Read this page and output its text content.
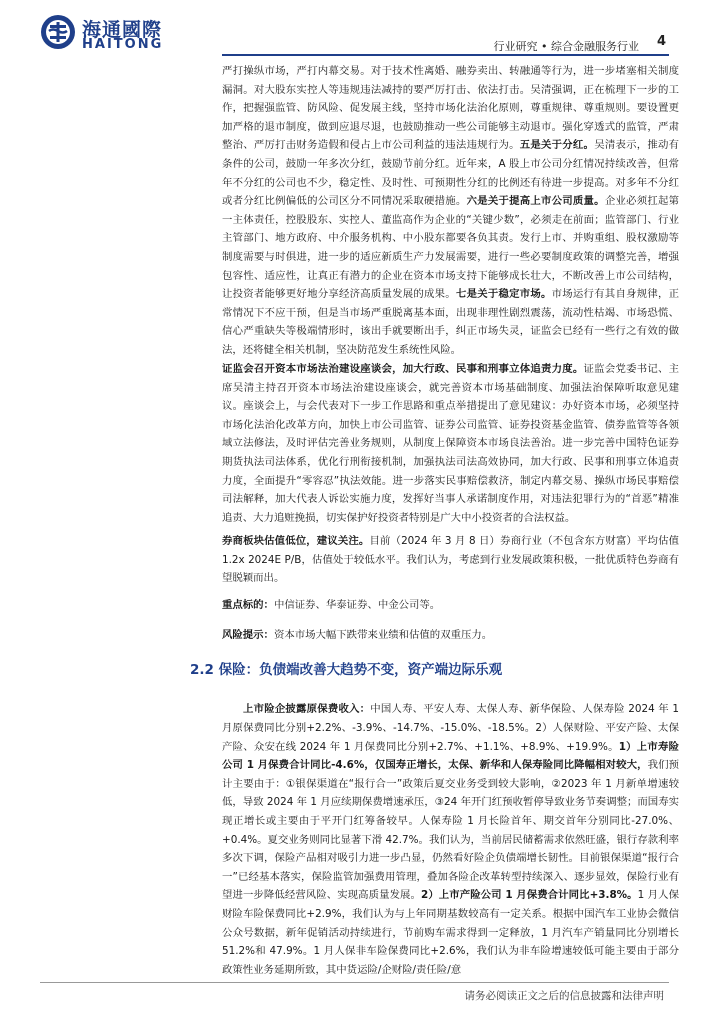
海通國際
HAITONG	行业研究 • 综合金融服务行业 4

严打操纵市场，严打内幕交易。对于技术性离婚、融券卖出、转融通等行为，进一步堵塞相关制度漏洞。对大股东实控人等违规违法减持的要严厉打击、依法打击。吴清强调，正在梳理下一步的工作，把握强监管、防风险、促发展主线，坚持市场化法治化原则，尊重规律、尊重规则。要设置更加严格的退市制度，做到应退尽退，也鼓励推动一些公司能够主动退市。强化穿透式的监管，严肃整治、严厉打击财务造假和侵占上市公司利益的违法违规行为。五是关于分红。吴清表示，推动有条件的公司，鼓励一年多次分红，鼓励节前分红。近年来，A 股上市公司分红情况持续改善，但常年不分红的公司也不少，稳定性、及时性、可预期性分红的比例还有待进一步提高。对多年不分红或者分红比例偏低的公司区分不同情况采取硬措施。六是关于提高上市公司质量。企业必须扛起第一主体责任，控股股东、实控人、董监高作为企业的“关键少数”，必须走在前面；监管部门、行业主管部门、地方政府、中介服务机构、中小股东都要各负其责。发行上市、并购重组、股权激励等制度需要与时俱进，进一步的适应新质生产力发展需要，进行一些必要制度政策的调整完善，增强包容性、适应性，让真正有潜力的企业在资本市场支持下能够成长壮大，不断改善上市公司结构，让投资者能够更好地分享经济高质量发展的成果。七是关于稳定市场。市场运行有其自身规律，正常情况下不应干预，但是当市场严重脱离基本面，出现非理性剧烈震荡，流动性枯竭、市场恐慌、信心严重缺失等极端情形时，该出手就要断出手，纠正市场失灵，证监会已经有一些行之有效的做法，还将健全相关机制，坚决防范发生系统性风险。

证监会召开资本市场法治建设座谈会，加大行政、民事和刑事立体追责力度。证监会党委书记、主席吴清主持召开资本市场法治建设座谈会，就完善资本市场基础制度、加强法治保障听取意见建议。座谈会上，与会代表对下一步工作思路和重点举措提出了意见建议：办好资本市场，必须坚持市场化法治化改革方向，加快上市公司监管、证券公司监管、证券投资基金监管、债券监管等各领域立法修法，及时评估完善业务规则，从制度上保障资本市场良法善治。进一步完善中国特色证券期货执法司法体系，优化行刑衔接机制，加强执法司法高效协同，加大行政、民事和刑事立体追责力度，全面提升“零容忍”执法效能。进一步落实民事赔偿救济，制定内幕交易、操纵市场民事赔偿司法解释，加大代表人诉讼实施力度，发挥好当事人承诺制度作用，对违法犯罪行为的“首恶”精准追责、大力追赃挽损，切实保护好投资者特别是广大中小投资者的合法权益。

券商板块估值低位，建议关注。目前（2024 年 3 月 8 日）券商行业（不包含东方财富）平均估值 1.2x 2024E P/B，估值处于较低水平。我们认为，考虑到行业发展政策积极，一批优质特色券商有望脱颖而出。

重点标的：中信证券、华泰证券、中金公司等。

风险提示：资本市场大幅下跌带来业绩和估值的双重压力。

2.2 保险：负债端改善大趋势不变，资产端边际乐观

上市险企披露原保费收入：中国人寿、平安人寿、太保人寿、新华保险、人保寿险 2024 年 1 月原保费同比分别+2.2%、-3.9%、-14.7%、-15.0%、-18.5%。2）人保财险、平安产险、太保产险、众安在线 2024 年 1 月保费同比分别+2.7%、+1.1%、+8.9%、+19.9%。1）上市寿险公司 1 月保费合计同比-4.6%，仅国寿正增长，太保、新华和人保寿险同比降幅相对较大，我们预计主要由于：①银保渠道在“报行合一”政策后夏交业务受到较大影响，②2023 年 1 月新单增速较低，导致 2024 年 1 月应续期保费增速承压，③24 年开门红预收暂停导致业务节奏调整；而国寿实现正增长或主要由于平开门红筹备较早。人保寿险 1 月长险首年、期交首年分别同比-27.0%、+0.4%。夏交业务则同比显著下滑 42.7%。我们认为，当前居民储蓄需求依然旺盛，银行存款利率多次下调，保险产品相对吸引力进一步凸显，仍然看好险企负债端增长韧性。目前银保渠道“报行合一”已经基本落实，保险监管加强费用管理，叠加各险企改革转型持续深入、逐步显效，保险行业有望进一步降低经营风险、实现高质量发展。2）上市产险公司 1 月保费合计同比+3.8%。1 月人保财险车险保费同比+2.9%，我们认为与上年同期基数较高有一定关系。根据中国汽车工业协会微信公众号数据，新年促销活动持续进行，节前购车需求得到一定释放，1 月汽车产销量同比分别增长 51.2%和 47.9%。1 月人保非车险保费同比+2.6%，我们认为非车险增速较低可能主要由于部分政策性业务延期所致，其中货运险/企财险/责任险/意

请务必阅读正文之后的信息披露和法律声明
